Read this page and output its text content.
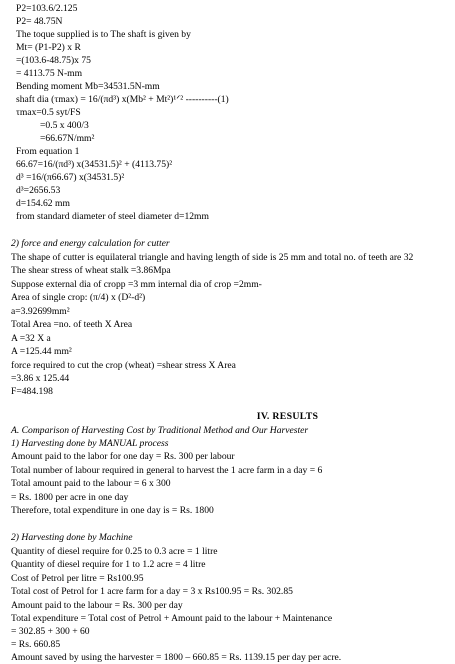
P2=103.6/2.125
P2= 48.75N
The toque supplied is to The shaft is given by
Mt= (P1-P2) x R
=(103.6-48.75)x 75
= 4113.75 N-mm
Bending moment Mb=34531.5N-mm
shaft dia (τmax) = 16/(πd³) x(Mb² + Mt²)¹ᐟ² ----------(1)
τmax=0.5 syt/FS
=0.5 x 400/3
=66.67N/mm²
From equation 1
66.67=16/(πd³) x(34531.5)² + (4113.75)²
d³ =16/(π66.67) x(34531.5)²
d³=2656.53
d=154.62 mm
from standard diameter of steel diameter d=12mm
2) force and energy calculation for cutter
The shape of cutter is equilateral triangle and having length of side is 25 mm and total no. of teeth are 32
The shear stress of wheat stalk =3.86Mpa
Suppose external dia of cropp =3 mm internal dia of crop =2mm-
Area of single crop: (π/4) x (D²-d²)
a=3.92699mm²
Total Area =no. of teeth X Area
A =32 X a
A =125.44 mm²
force required to cut the crop (wheat) =shear stress X Area
=3.86 x 125.44
F=484.198
IV. RESULTS
A. Comparison of Harvesting Cost by Traditional Method and Our Harvester
1) Harvesting done by MANUAL process
Amount paid to the labor for one day = Rs. 300 per labour
Total number of labour required in general to harvest the 1 acre farm in a day = 6
Total amount paid to the labour = 6 x 300
= Rs. 1800 per acre in one day
Therefore, total expenditure in one day is = Rs. 1800
2) Harvesting done by Machine
Quantity of diesel require for 0.25 to 0.3 acre = 1 litre
Quantity of diesel require for 1 to 1.2 acre = 4 litre
Cost of Petrol per litre = Rs100.95
Total cost of Petrol for 1 acre farm for a day = 3 x Rs100.95 = Rs. 302.85
Amount paid to the labour = Rs. 300 per day
Total expenditure = Total cost of Petrol + Amount paid to the labour + Maintenance
= 302.85 + 300 + 60
= Rs. 660.85
Amount saved by using the harvester = 1800 – 660.85 = Rs. 1139.15 per day per acre.
